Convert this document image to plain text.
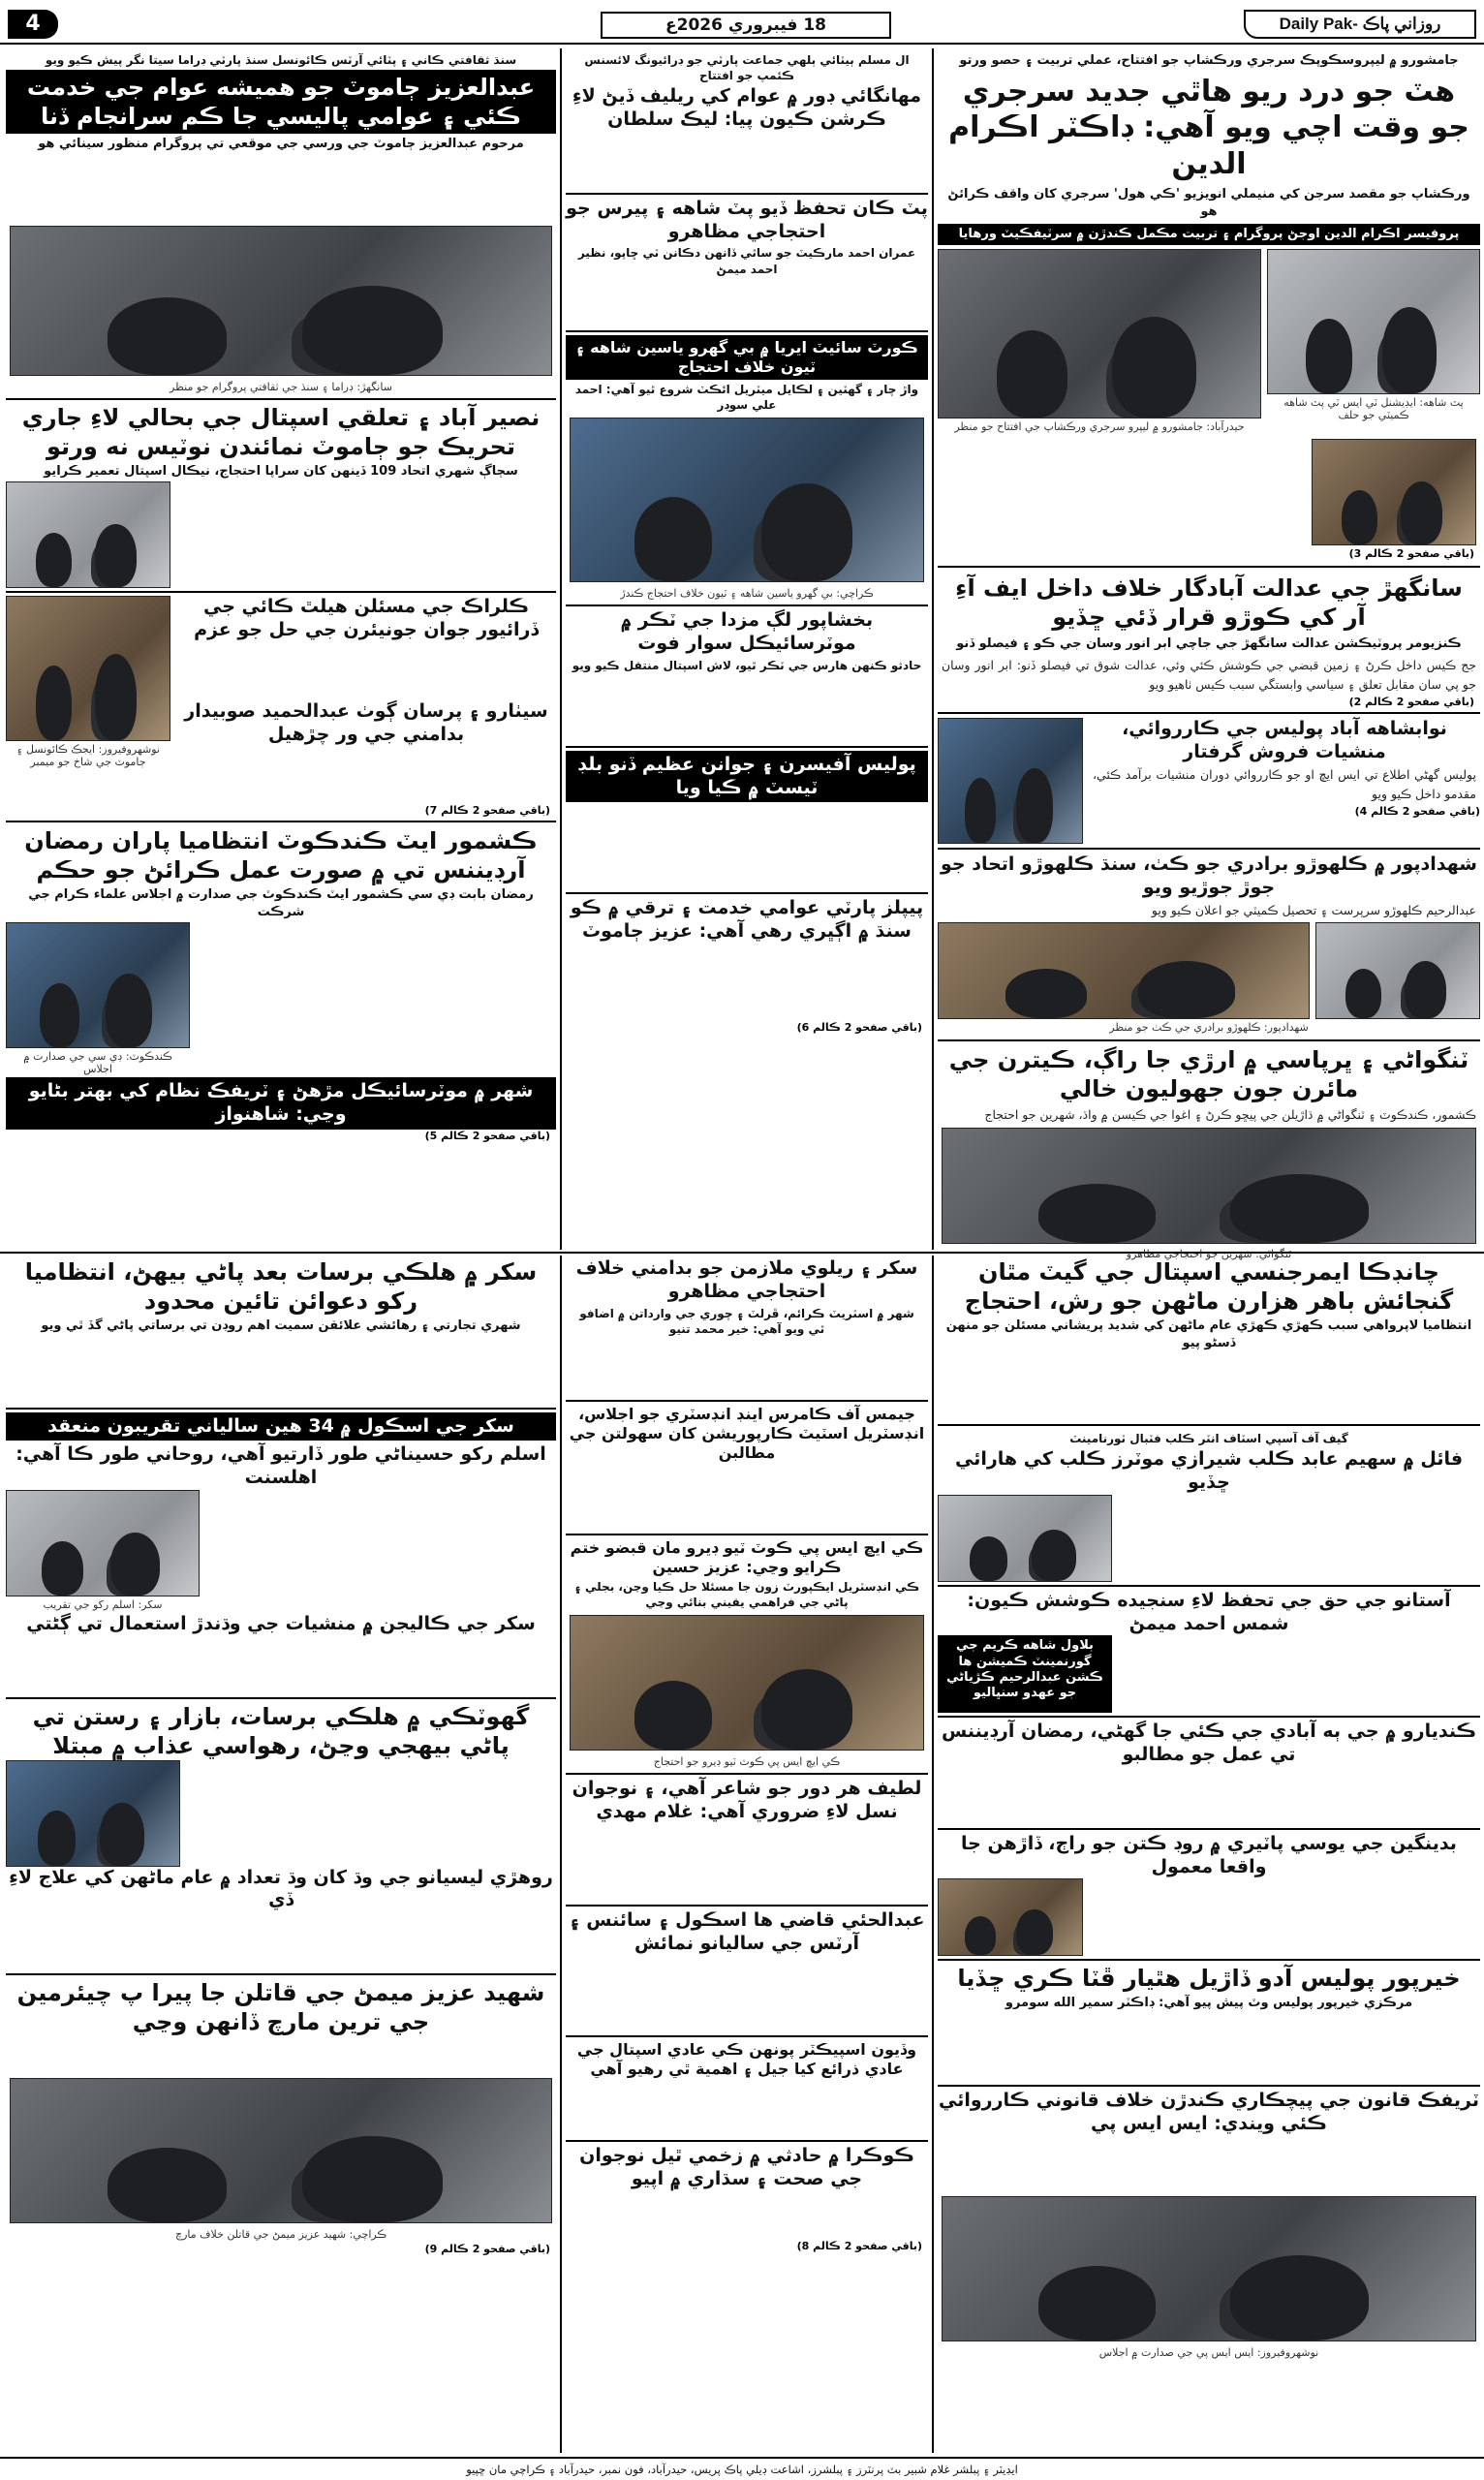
4	18 فيبروري 2026ع	روزاني پاڪ -Daily Pak
جامشورو ۾ ليپروسڪوپڪ سرجري ورڪشاپ جو افتتاح، عملي تربيت ۽ حصو ورتو
هٽ جو درد ريو هاٿي جديد سرجري جو وقت اچي ويو آهي: ڊاڪٽر اڪرام الدين
ورڪشاپ جو مقصد سرجن کي منيملي انويزيو 'ڪي هول' سرجري کان واقف ڪرائڻ هو
پروفيسر اڪرام الدين اوجڻ پروگرام ۽ تربيت مڪمل ڪندڙن ۾ سرٽيفڪيٽ ورهايا
پٽ شاهه: ايڊيشنل ٽي ايس ٽي پٽ شاهه ڪميٽي جو حلف
حيدرآباد: جامشورو ۾ ليپرو سرجري ورڪشاپ جي افتتاح جو منظر
(باقي صفحو 2 ڪالم 3)
سانگهڙ جي عدالت آبادگار خلاف داخل ايف آءِ آر کي ڪوڙو قرار ڏئي ڇڏيو
ڪنزيومر پروٽيڪشن عدالت سانگهڙ جي جاچي ابر انور وسان جي ڪو ۽ فيصلو ڏنو
جج ڪيس داخل ڪرڻ ۽ زمين قبضي جي ڪوشش ڪئي وئي، عدالت شوق تي فيصلو ڏنو: ابر انور وسان جو پي سان مقابل تعلق ۽ سياسي وابستگي سبب ڪيس ٺاهيو ويو
(باقي صفحو 2 ڪالم 2)
نوابشاهه آباد پوليس جي ڪارروائي، منشيات فروش گرفتار
پوليس گهڻي اطلاع تي ايس ايڇ او جو ڪارروائي دوران منشيات برآمد ڪئي، مقدمو داخل ڪيو ويو
(باقي صفحو 2 ڪالم 4)
شهدادپور ۾ ڪلهوڙو برادري جو ڪٺ، سنڌ ڪلهوڙو اتحاد جو جوڙ جوڙيو ويو
عبدالرحيم ڪلهوڙو سرپرست ۽ تحصيل ڪميٽي جو اعلان ڪيو ويو
شهدادپور: ڪلهوڙو برادري جي ڪٺ جو منظر
ٽنگواڻي ۽ ڀرپاسي ۾ ارڙي جا راڳ، ڪيترن جي مائرن جون جهوليون خالي
ڪشمور، ڪندڪوٽ ۽ ٽنگواڻي ۾ ڌاڙيلن جي پيڇو ڪرڻ ۽ اغوا جي ڪيسن ۾ واڌ، شهرين جو احتجاج
ٽنگواڻي: شهرين جو احتجاجي مظاهرو
ال مسلم ٻيٽائي ٻلهي جماعت پارٽي جو ڊرائيونگ لائسنس ڪئمپ جو افتتاح
مهانگائي ڊور ۾ عوام کي ريليف ڏيڻ لاءِ ڪرشن ڪيون پيا: ليڪ سلطان
پٽ ڪان تحفظ ڏيو پٽ شاهه ۽ پيرس جو احتجاجي مظاهرو
عمران احمد مارڪيٽ جو ساٿي ڏانهن دڪانن ٽي ڇاپو، نظير احمد ميمڻ
ڪورٽ سائيٽ ايريا ۾ بي گهرو ياسين شاهه ۽ ٽيون خلاف احتجاج
واڙ چار ۽ گهٽين ۽ لڪايل ميٽريل ائڪٽ شروع ٿيو آهي: احمد علي سوڊر
ڪراچي: بي گهرو ياسين شاهه ۽ ٽيون خلاف احتجاج ڪندڙ
بخشاپور لڳ مزدا جي ٽڪر ۾ موٽرسائيڪل سوار فوت
حادثو ڪنهن هارس جي ٽڪر ٿيو، لاش اسپتال منتقل ڪيو ويو
پوليس آفيسرن ۽ جوانن عظيم ڏنو بلڊ ٽيسٽ ۾ ڪيا ويا
پيپلز پارٽي عوامي خدمت ۽ ترقي ۾ ڪو سنڌ ۾ اڳڀري رهي آهي: عزيز ڄاموٽ
(باقي صفحو 2 ڪالم 6)
سنڌ ثقافتي ڪاني ۽ پٽائي آرٽس ڪائونسل سنڌ پارٽي ڊراما سيتا نگر پيش ڪيو ويو
عبدالعزيز ڄاموٽ جو هميشه عوام جي خدمت ڪئي ۽ عوامي پاليسي جا ڪم سرانجام ڏنا
مرحوم عبدالعزيز ڄاموٽ جي ورسي جي موقعي تي پروگرام منظور سينائي هو
سانگهڙ: ڊراما ۽ سنڌ جي ثقافتي پروگرام جو منظر
نصير آباد ۽ تعلقي اسپتال جي بحالي لاءِ جاري تحريڪ جو ڄاموٽ نمائندن نوٽيس نه ورتو
سڄاڳ شهري اتحاد 109 ڏينهن کان سراپا احتجاج، نيڪال اسپتال تعمير ڪرايو
ڪلراڪ جي مسئلن هيلٿ ڪائي جي ڏرائيور جوان جونيئرن جي حل جو عزم
سيٺارو ۽ پرسان ڳوٺ عبدالحميد صوبيدار بدامني جي ور چڙهيل
نوشهروفيروز: ايجڪ ڪائونسل ۽ ڄاموٽ جي شاخ جو ميمبر
(باقي صفحو 2 ڪالم 7)
ڪشمور ايٽ ڪندڪوٽ انتظاميا پاران رمضان آرڊيننس تي ۾ صورت عمل ڪرائڻ جو حڪم
رمضان بابت ڊي سي ڪشمور ايٽ ڪندڪوٽ جي صدارت ۾ اجلاس علماء ڪرام جي شرڪت
ڪندڪوٽ: ڊي سي جي صدارت ۾ اجلاس
شهر ۾ موٽرسائيڪل مڙهڻ ۽ ٽريفڪ نظام کي بهتر بڻايو وڃي: شاهنواز
(باقي صفحو 2 ڪالم 5)
چانڊڪا ايمرجنسي اسپتال جي گيٽ مٿان گنجائش باهر هزارن ماڻهن جو رش، احتجاج
انتظاميا لاپرواهي سبب ڪهڙي ڪهڙي عام ماڻهن کي شديد پريشاني مسئلن جو منهن ڏسڻو پيو
گيف آف آسپي اسٽاف انٽر ڪلب فٽبال ٽورنامينٽ
فائل ۾ سهيم عابد ڪلب شيرازي موٽرز ڪلب کي هارائي ڇڏيو
آستانو جي حق جي تحفظ لاءِ سنجيده ڪوشش ڪيون: شمس احمد ميمڻ
بلاول شاهه ڪريم جي گورنمينٽ ڪميشن ها ڪشن عبدالرحيم ڪڙياڻي جو عهدو سنڀاليو
ڪنديارو ۾ جي ٻه آبادي جي ڪئي جا گهڻي، رمضان آرڊيننس تي عمل جو مطالبو
بدينگين جي يوسي پاٽيري ۾ روڊ ڪتن جو راڄ، ڏاڙهن جا واقعا معمول
خيرپور پوليس آدو ڏاڙيل هٿيار ڦٽا ڪري ڇڏيا
مرڪزي خيرپور پوليس وٽ پيش پيو آهي: ڊاڪٽر سمير الله سومرو
ٽريفڪ قانون جي پيچڪاري ڪندڙن خلاف قانوني ڪارروائي ڪئي ويندي: ايس ايس پي
نوشهروفيروز: ايس ايس پي جي صدارت ۾ اجلاس
سکر ۽ ريلوي ملازمن جو بدامني خلاف احتجاجي مظاهرو
شهر ۾ اسٽريٽ ڪرائم، ڦرلٽ ۽ چوري جي وارداتن ۾ اضافو ٿي ويو آهي: خير محمد تنيو
جيمس آف ڪامرس اينڊ انڊسٽري جو اجلاس، انڊسٽريل اسٽيٽ ڪارپوريشن کان سهولتن جي مطالبن
ڪي ايڇ ايس پي ڪوٽ ٽيو ڊيرو مان قبضو ختم ڪرايو وڃي: عزيز حسين
ڪي انڊسٽريل ايڪپورٽ زون جا مسئلا حل ڪيا وڃن، بجلي ۽ پاڻي جي فراهمي يقيني بنائي وڃي
ڪي ايڇ ايس پي ڪوٽ ٽيو ڊيرو جو احتجاج
لطيف هر دور جو شاعر آهي، ۽ نوجوان نسل لاءِ ضروري آهي: غلام مهدي
عبدالحئي قاضي ها اسڪول ۽ سائنس ۽ آرٽس جي ساليانو نمائش
وڏيون اسپيڪٽر پونهن ڪي عادي اسپتال جي عادي ذرائع کيا جيل ۽ اهمية ٿي رهيو آهي
ڪوڪرا ۾ حادثي ۾ زخمي ٿيل نوجوان جي صحت ۽ سڌاري ۾ اپيو
(باقي صفحو 2 ڪالم 8)
سکر ۾ هلڪي برسات بعد پاڻي بيهڻ، انتظاميا رکو دعوائن تائين محدود
شهري تجارتي ۽ رهائشي علائقن سميت اهم روڊن تي برساتي پاڻي گڏ ٿي ويو
سکر جي اسڪول ۾ 34 هين سالياني تقريبون منعقد
اسلم رکو حسيناڻي طور ڏارتيو آهي، روحاني طور ڪا آهي: اهلسنت
سکر: اسلم رکو جي تقريب
سکر جي ڪاليجن ۾ منشيات جي وڌندڙ استعمال تي ڳڻتي
گهوٽڪي ۾ هلڪي برسات، بازار ۽ رستن تي پاڻي بيهجي وڃڻ، رهواسي عذاب ۾ مبتلا
روهڙي ليسيانو جي وڌ کان وڌ تعداد ۾ عام ماڻهن کي علاج لاءِ ڏي
شهيد عزيز ميمڻ جي قاتلن جا پيرا پ چيئرمين جي ترين مارچ ڏانهن وڃي
ڪراچي: شهيد عزيز ميمڻ جي قاتلن خلاف مارچ
(باقي صفحو 2 ڪالم 9)
ايڊيٽر ۽ پبلشر غلام شبير بٽ پرنٽرز ۽ پبلشرز، اشاعت ڊيلي پاڪ پريس، حيدرآباد، فون نمبر، حيدرآباد ۽ ڪراچي مان ڇپيو
